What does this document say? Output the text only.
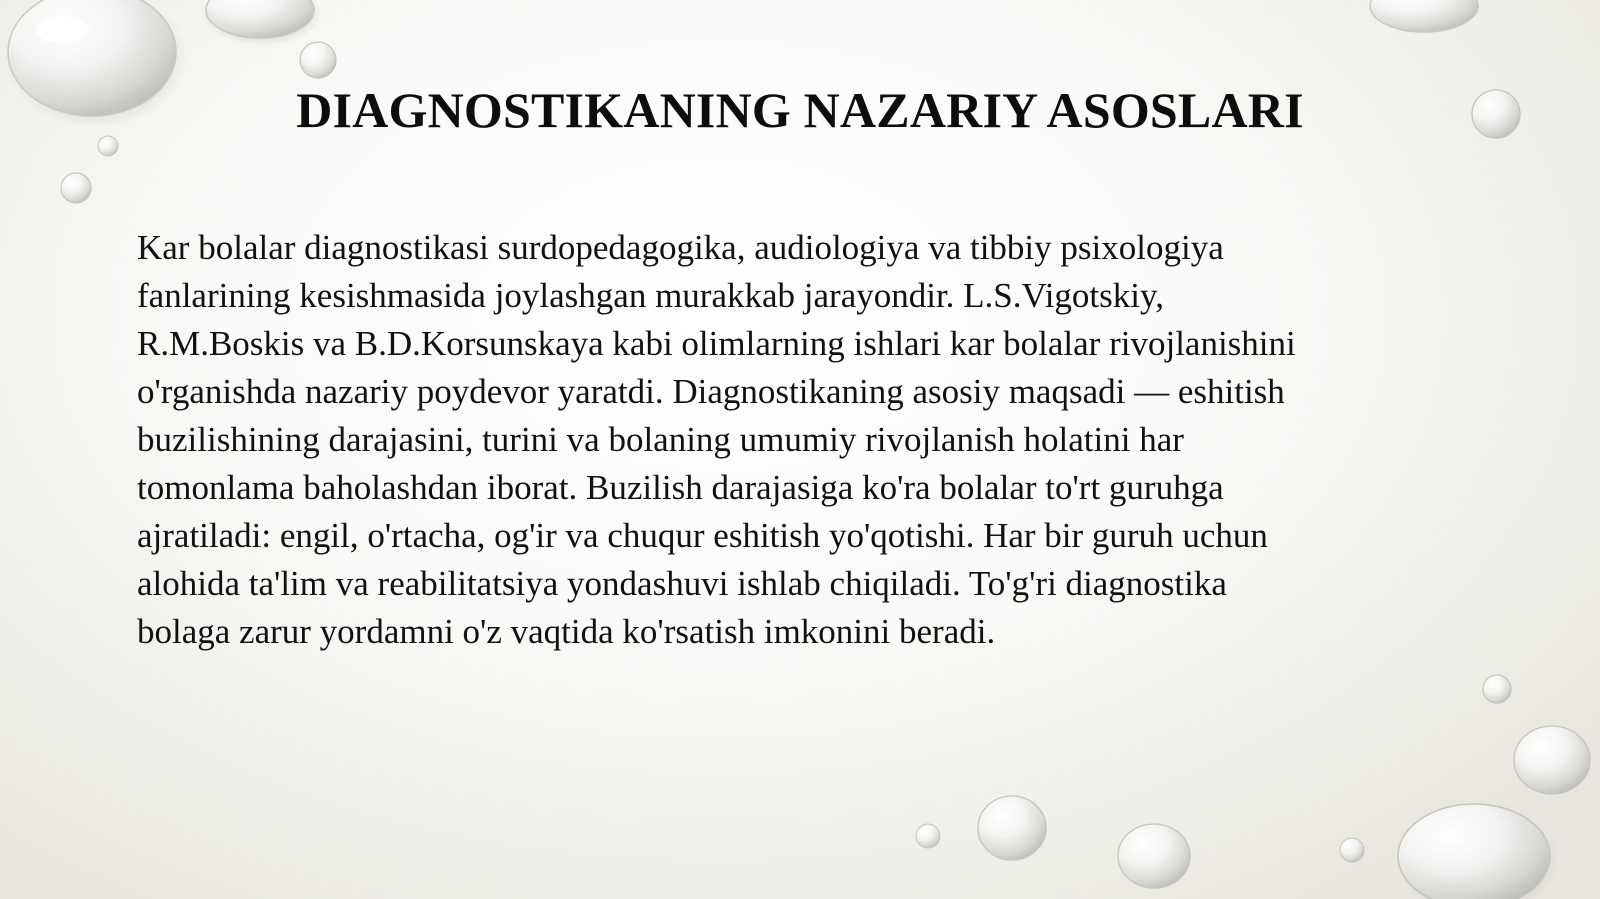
DIAGNOSTIKANING NAZARIY ASOSLARI
Kar bolalar diagnostikasi surdopedagogika, audiologiya va tibbiy psixologiya
fanlarining kesishmasida joylashgan murakkab jarayondir. L.S.Vigotskiy,
R.M.Boskis va B.D.Korsunskaya kabi olimlarning ishlari kar bolalar rivojlanishini
o'rganishda nazariy poydevor yaratdi. Diagnostikaning asosiy maqsadi — eshitish
buzilishining darajasini, turini va bolaning umumiy rivojlanish holatini har
tomonlama baholashdan iborat. Buzilish darajasiga ko'ra bolalar to'rt guruhga
ajratiladi: engil, o'rtacha, og'ir va chuqur eshitish yo'qotishi. Har bir guruh uchun
alohida ta'lim va reabilitatsiya yondashuvi ishlab chiqiladi. To'g'ri diagnostika
bolaga zarur yordamni o'z vaqtida ko'rsatish imkonini beradi.
